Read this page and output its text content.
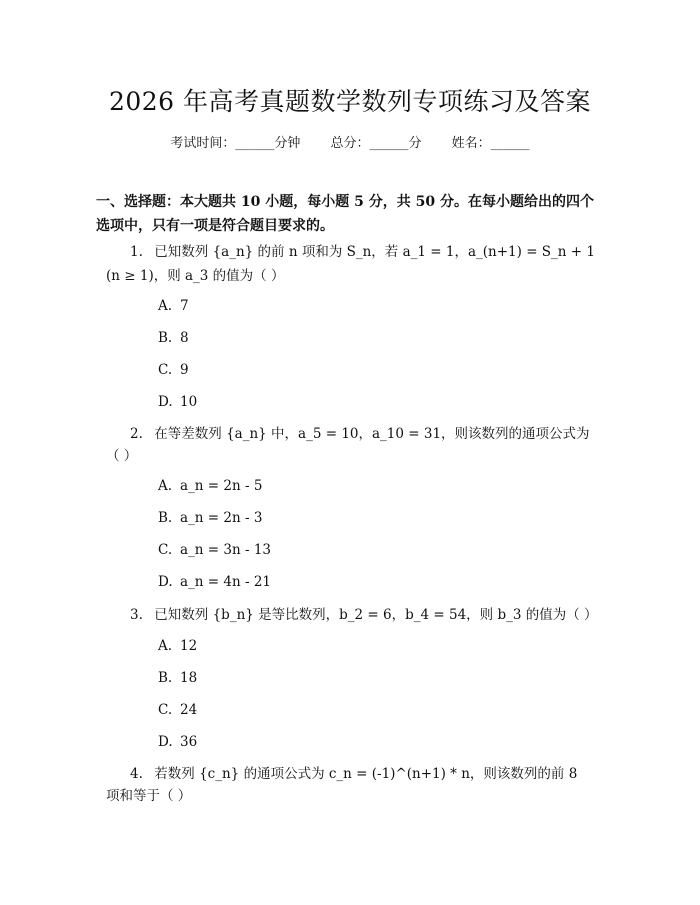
2026 年高考真题数学数列专项练习及答案
考试时间：______分钟 总分：______分 姓名：______
一、选择题：本大题共 10 小题，每小题 5 分，共 50 分。在每小题给出的四个选项中，只有一项是符合题目要求的。
1. 已知数列 {a_n} 的前 n 项和为 S_n，若 a_1 = 1，a_(n+1) = S_n + 1
(n ≥ 1)，则 a_3 的值为（ ）
A. 7
B. 8
C. 9
D. 10
2. 在等差数列 {a_n} 中，a_5 = 10，a_10 = 31，则该数列的通项公式为
（ ）
A. a_n = 2n - 5
B. a_n = 2n - 3
C. a_n = 3n - 13
D. a_n = 4n - 21
3. 已知数列 {b_n} 是等比数列，b_2 = 6，b_4 = 54，则 b_3 的值为（ ）
A. 12
B. 18
C. 24
D. 36
4. 若数列 {c_n} 的通项公式为 c_n = (-1)^(n+1) * n，则该数列的前 8
项和等于（ ）
